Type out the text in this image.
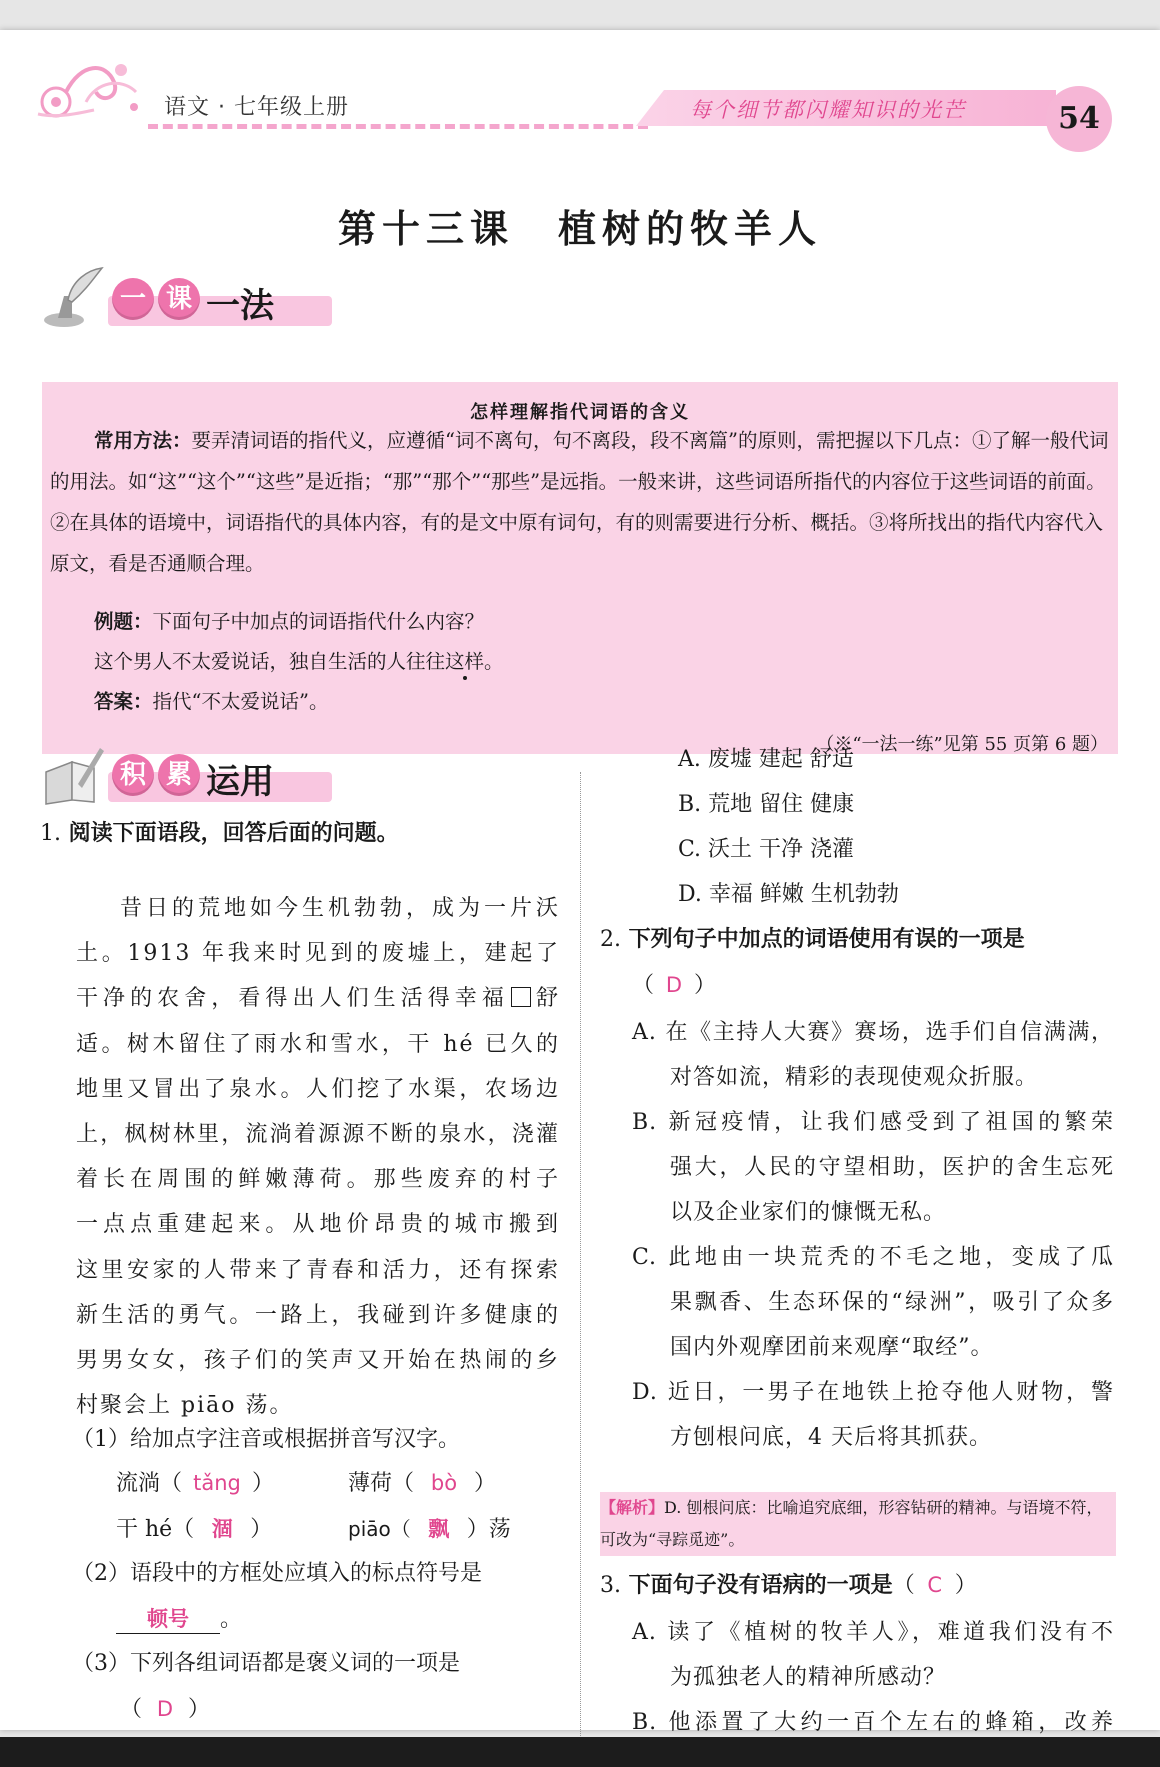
语文 · 七年级上册	每个细节都闪耀知识的光芒	54
第十三课　植树的牧羊人
一 课 一法
怎样理解指代词语的含义
常用方法：要弄清词语的指代义，应遵循“词不离句，句不离段，段不离篇”的原则，需把握以下几点：①了解一般代词的用法。如“这”“这个”“这些”是近指；“那”“那个”“那些”是远指。一般来讲，这些词语所指代的内容位于这些词语的前面。②在具体的语境中，词语指代的具体内容，有的是文中原有词句，有的则需要进行分析、概括。③将所找出的指代内容代入原文，看是否通顺合理。
例题：下面句子中加点的词语指代什么内容？
这个男人不太爱说话，独自生活的人往往这样。
答案：指代“不太爱说话”。
（※“一法一练”见第 55 页第 6 题）
积 累 运用
1. 阅读下面语段，回答后面的问题。
昔日的荒地如今生机勃勃，成为一片沃
土。1913 年我来时见到的废墟上，建起了
干净的农舍，看得出人们生活得幸福 舒
适。树木留住了雨水和雪水，干 hé 已久的
地里又冒出了泉水。人们挖了水渠，农场边
上，枫树林里，流淌着源源不断的泉水，浇灌
着长在周围的鲜嫩薄荷。那些废弃的村子
一点点重建起来。从地价昂贵的城市搬到
这里安家的人带来了青春和活力，还有探索
新生活的勇气。一路上，我碰到许多健康的
男男女女，孩子们的笑声又开始在热闹的乡
村聚会上 piāo 荡。
（1）给加点字注音或根据拼音写汉字。
流淌（ tǎng ）	薄荷（ bò ）
干 hé（ 涸 ）	piāo（ 飘 ）荡
（2）语段中的方框处应填入的标点符号是
顿号 。
（3）下列各组词语都是褒义词的一项是
（ D ）
A. 废墟 建起 舒适
B. 荒地 留住 健康
C. 沃土 干净 浇灌
D. 幸福 鲜嫩 生机勃勃
2. 下列句子中加点的词语使用有误的一项是
（ D ）
A. 在《主持人大赛》赛场，选手们自信满满，
对答如流，精彩的表现使观众折服。
B. 新冠疫情，让我们感受到了祖国的繁荣
强大，人民的守望相助，医护的舍生忘死
以及企业家们的慷慨无私。
C. 此地由一块荒秃的不毛之地，变成了瓜
果飘香、生态环保的“绿洲”，吸引了众多
国内外观摩团前来观摩“取经”。
D. 近日，一男子在地铁上抢夺他人财物，警
方刨根问底，4 天后将其抓获。
【解析】D. 刨根问底：比喻追究底细，形容钻研的精神。与语境不符，可改为“寻踪觅迹”。
3. 下面句子没有语病的一项是（ C ）
A. 读了《植树的牧羊人》，难道我们没有不
为孤独老人的精神所感动？
B. 他添置了大约一百个左右的蜂箱，改养
